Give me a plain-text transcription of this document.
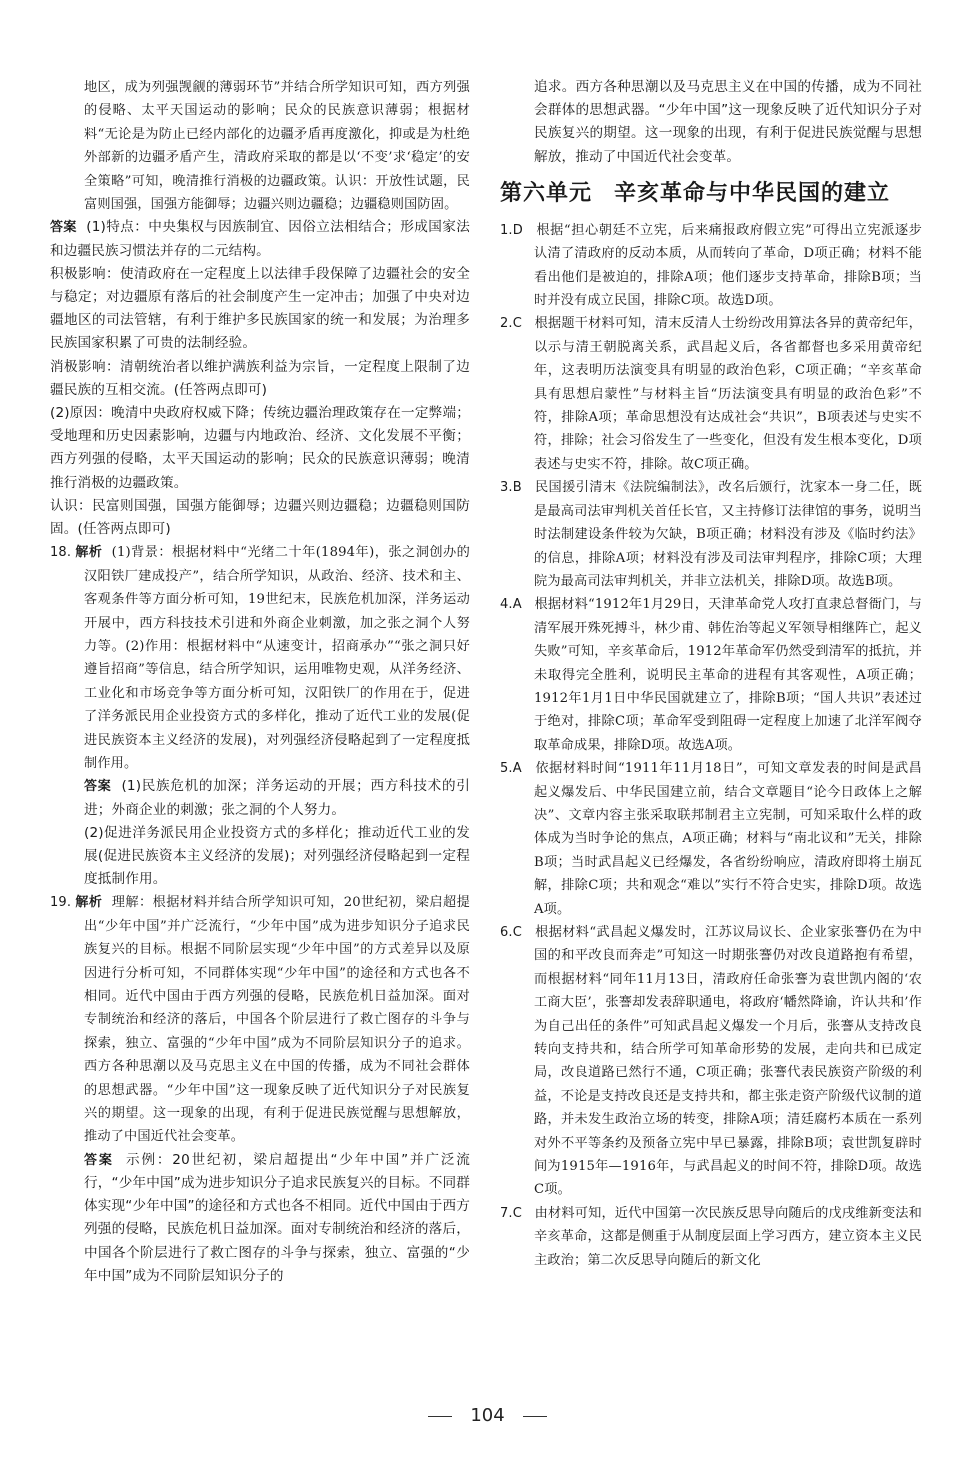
地区，成为列强觊觎的薄弱环节”并结合所学知识可知，西方列强的侵略、太平天国运动的影响；民众的民族意识薄弱；根据材料“无论是为防止已经内部化的边疆矛盾再度激化，抑或是为杜绝外部新的边疆矛盾产生，清政府采取的都是以‘不变’求‘稳定’的安全策略”可知，晚清推行消极的边疆政策。认识：开放性试题，民富则国强，国强方能御辱；边疆兴则边疆稳；边疆稳则国防固。

答案 (1)特点：中央集权与因族制宜、因俗立法相结合；形成国家法和边疆民族习惯法并存的二元结构。

积极影响：使清政府在一定程度上以法律手段保障了边疆社会的安全与稳定；对边疆原有落后的社会制度产生一定冲击；加强了中央对边疆地区的司法管辖，有利于维护多民族国家的统一和发展；为治理多民族国家积累了可贵的法制经验。

消极影响：清朝统治者以维护满族利益为宗旨，一定程度上限制了边疆民族的互相交流。(任答两点即可)

(2)原因：晚清中央政府权威下降；传统边疆治理政策存在一定弊端；受地理和历史因素影响，边疆与内地政治、经济、文化发展不平衡；西方列强的侵略，太平天国运动的影响；民众的民族意识薄弱；晚清推行消极的边疆政策。

认识：民富则国强，国强方能御辱；边疆兴则边疆稳；边疆稳则国防固。(任答两点即可)

18. 解析 (1)背景：根据材料中“光绪二十年(1894年)，张之洞创办的汉阳铁厂建成投产”，结合所学知识，从政治、经济、技术和主、客观条件等方面分析可知，19世纪末，民族危机加深，洋务运动开展中，西方科技技术引进和外商企业刺激，加之张之洞个人努力等。(2)作用：根据材料中“从速变计，招商承办”“张之洞只好遵旨招商”等信息，结合所学知识，运用唯物史观，从洋务经济、工业化和市场竞争等方面分析可知，汉阳铁厂的作用在于，促进了洋务派民用企业投资方式的多样化，推动了近代工业的发展(促进民族资本主义经济的发展)，对列强经济侵略起到了一定程度抵制作用。

答案 (1)民族危机的加深；洋务运动的开展；西方科技术的引进；外商企业的刺激；张之洞的个人努力。

(2)促进洋务派民用企业投资方式的多样化；推动近代工业的发展(促进民族资本主义经济的发展)；对列强经济侵略起到一定程度抵制作用。

19. 解析 理解：根据材料并结合所学知识可知，20世纪初，梁启超提出“少年中国”并广泛流行，“少年中国”成为进步知识分子追求民族复兴的目标。根据不同阶层实现“少年中国”的方式差异以及原因进行分析可知，不同群体实现“少年中国”的途径和方式也各不相同。近代中国由于西方列强的侵略，民族危机日益加深。面对专制统治和经济的落后，中国各个阶层进行了救亡图存的斗争与探索，独立、富强的“少年中国”成为不同阶层知识分子的追求。西方各种思潮以及马克思主义在中国的传播，成为不同社会群体的思想武器。“少年中国”这一现象反映了近代知识分子对民族复兴的期望。这一现象的出现，有利于促进民族觉醒与思想解放，推动了中国近代社会变革。

答案 示例：20世纪初，梁启超提出“少年中国”并广泛流行，“少年中国”成为进步知识分子追求民族复兴的目标。不同群体实现“少年中国”的途径和方式也各不相同。近代中国由于西方列强的侵略，民族危机日益加深。面对专制统治和经济的落后，中国各个阶层进行了救亡图存的斗争与探索，独立、富强的“少年中国”成为不同阶层知识分子的

追求。西方各种思潮以及马克思主义在中国的传播，成为不同社会群体的思想武器。“少年中国”这一现象反映了近代知识分子对民族复兴的期望。这一现象的出现，有利于促进民族觉醒与思想解放，推动了中国近代社会变革。

第六单元 辛亥革命与中华民国的建立

1.D 根据“担心朝廷不立宪，后来痛报政府假立宪”可得出立宪派逐步认清了清政府的反动本质，从而转向了革命，D项正确；材料不能看出他们是被迫的，排除A项；他们逐步支持革命，排除B项；当时并没有成立民国，排除C项。故选D项。

2.C 根据题干材料可知，清末反清人士纷纷改用算法各异的黄帝纪年，以示与清王朝脱离关系，武昌起义后，各省都督也多采用黄帝纪年，这表明历法演变具有明显的政治色彩，C项正确；“辛亥革命具有思想启蒙性”与材料主旨“历法演变具有明显的政治色彩”不符，排除A项；革命思想没有达成社会“共识”，B项表述与史实不符，排除；社会习俗发生了一些变化，但没有发生根本变化，D项表述与史实不符，排除。故C项正确。

3.B 民国援引清末《法院编制法》，改名后颁行，沈家本一身二任，既是最高司法审判机关首任长官，又主持修订法律馆的事务，说明当时法制建设条件较为欠缺，B项正确；材料没有涉及《临时约法》的信息，排除A项；材料没有涉及司法审判程序，排除C项；大理院为最高司法审判机关，并非立法机关，排除D项。故选B项。

4.A 根据材料“1912年1月29日，天津革命党人攻打直隶总督衙门，与清军展开殊死搏斗，林少甫、韩佐治等起义军领导相继阵亡，起义失败”可知，辛亥革命后，1912年革命军仍然受到清军的抵抗，并未取得完全胜利，说明民主革命的进程有其客观性，A项正确；1912年1月1日中华民国就建立了，排除B项；“国人共识”表述过于绝对，排除C项；革命军受到阻碍一定程度上加速了北洋军阀夺取革命成果，排除D项。故选A项。

5.A 依据材料时间“1911年11月18日”，可知文章发表的时间是武昌起义爆发后、中华民国建立前，结合文章题目“论今日政体上之解决”、文章内容主张采取联邦制君主立宪制，可知采取什么样的政体成为当时争论的焦点，A项正确；材料与“南北议和”无关，排除B项；当时武昌起义已经爆发，各省纷纷响应，清政府即将土崩瓦解，排除C项；共和观念“难以”实行不符合史实，排除D项。故选A项。

6.C 根据材料“武昌起义爆发时，江苏议局议长、企业家张謇仍在为中国的和平改良而奔走”可知这一时期张謇仍对改良道路抱有希望，而根据材料“同年11月13日，清政府任命张謇为袁世凯内阁的‘农工商大臣’，张謇却发表辞职通电，将政府‘幡然降谕，许认共和’作为自己出任的条件”可知武昌起义爆发一个月后，张謇从支持改良转向支持共和，结合所学可知革命形势的发展，走向共和已成定局，改良道路已然行不通，C项正确；张謇代表民族资产阶级的利益，不论是支持改良还是支持共和，都主张走资产阶级代议制的道路，并未发生政治立场的转变，排除A项；清廷腐朽本质在一系列对外不平等条约及预备立宪中早已暴露，排除B项；袁世凯复辟时间为1915年—1916年，与武昌起义的时间不符，排除D项。故选C项。

7.C 由材料可知，近代中国第一次民族反思导向随后的戊戌维新变法和辛亥革命，这都是侧重于从制度层面上学习西方，建立资本主义民主政治；第二次反思导向随后的新文化

104
